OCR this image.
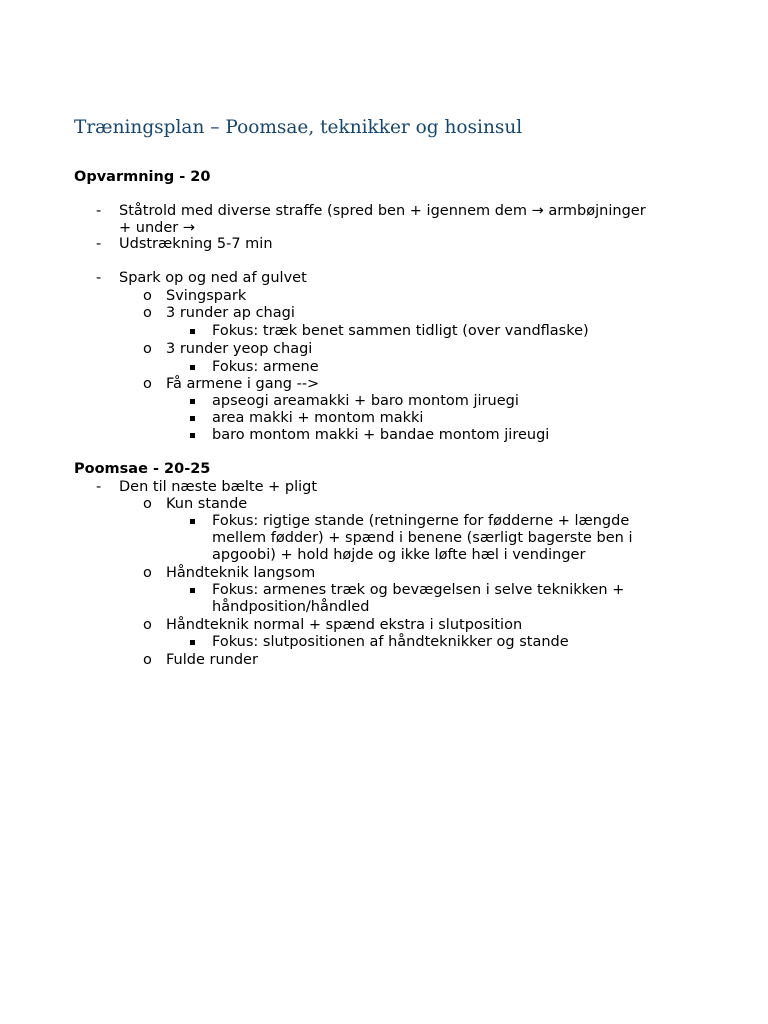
Træningsplan – Poomsae, teknikker og hosinsul
Opvarmning - 20
- Ståtrold med diverse straffe (spred ben + igennem dem → armbøjninger
+ under →
- Udstrækning 5-7 min
- Spark op og ned af gulvet
o Svingspark
o 3 runder ap chagi
Fokus: træk benet sammen tidligt (over vandflaske)
o 3 runder yeop chagi
Fokus: armene
o Få armene i gang -->
apseogi areamakki + baro montom jiruegi
area makki + montom makki
baro montom makki + bandae montom jireugi
Poomsae - 20-25
- Den til næste bælte + pligt
o Kun stande
Fokus: rigtige stande (retningerne for fødderne + længde
mellem fødder) + spænd i benene (særligt bagerste ben i
apgoobi) + hold højde og ikke løfte hæl i vendinger
o Håndteknik langsom
Fokus: armenes træk og bevægelsen i selve teknikken +
håndposition/håndled
o Håndteknik normal + spænd ekstra i slutposition
Fokus: slutpositionen af håndteknikker og stande
o Fulde runder
